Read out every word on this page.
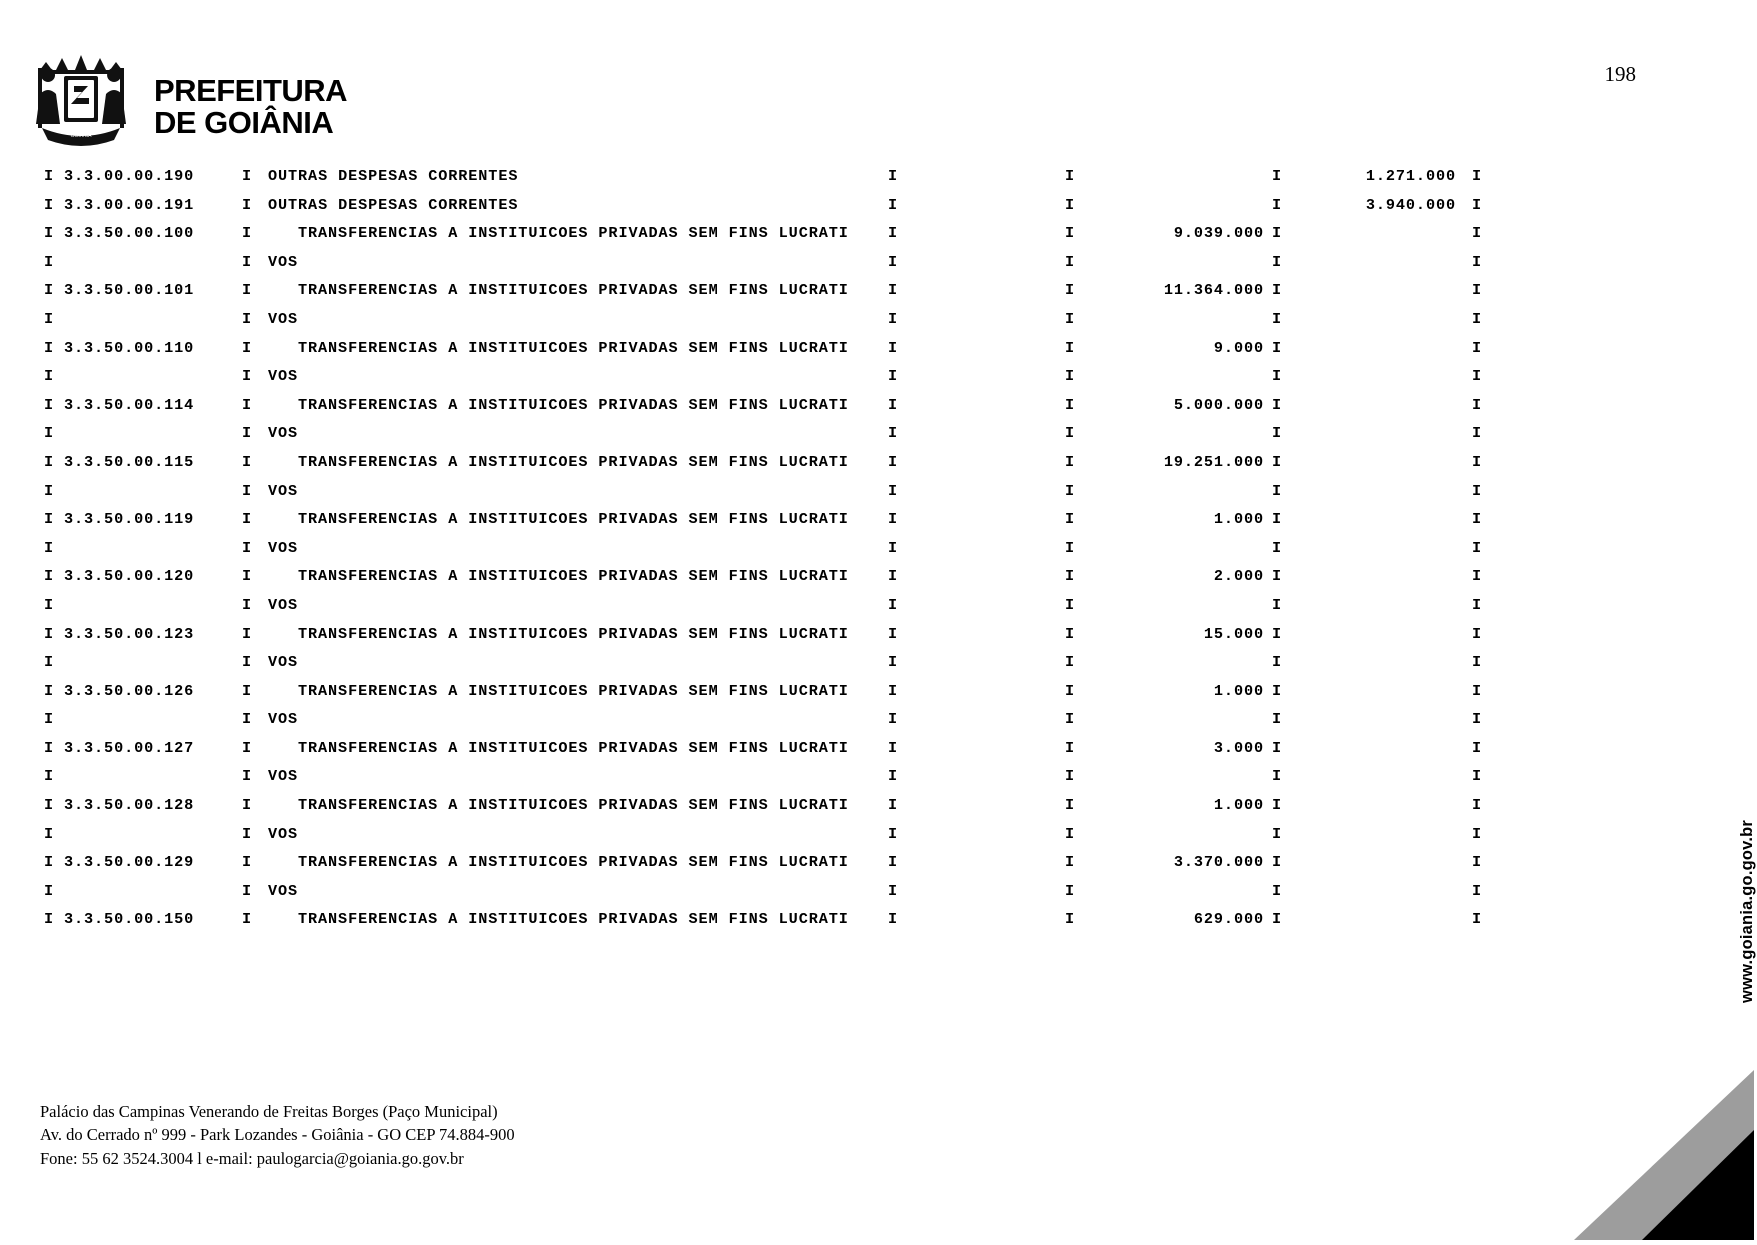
GOIANIA
PREFEITURA
DE GOIÂNIA
198
I 3.3.00.00.190	I OUTRAS DESPESAS CORRENTES	I	I	I	1.271.000 I
I 3.3.00.00.191	I OUTRAS DESPESAS CORRENTES	I	I	I	3.940.000 I
I 3.3.50.00.100	I	TRANSFERENCIAS A INSTITUICOES PRIVADAS SEM FINS LUCRATI	I	I	9.039.000 I	I
I	I VOS	I	I	I	I
I 3.3.50.00.101	I	TRANSFERENCIAS A INSTITUICOES PRIVADAS SEM FINS LUCRATI	I	I	11.364.000 I	I
I	I VOS	I	I	I	I
I 3.3.50.00.110	I	TRANSFERENCIAS A INSTITUICOES PRIVADAS SEM FINS LUCRATI	I	I	9.000 I	I
I	I VOS	I	I	I	I
I 3.3.50.00.114	I	TRANSFERENCIAS A INSTITUICOES PRIVADAS SEM FINS LUCRATI	I	I	5.000.000 I	I
I	I VOS	I	I	I	I
I 3.3.50.00.115	I	TRANSFERENCIAS A INSTITUICOES PRIVADAS SEM FINS LUCRATI	I	I	19.251.000 I	I
I	I VOS	I	I	I	I
I 3.3.50.00.119	I	TRANSFERENCIAS A INSTITUICOES PRIVADAS SEM FINS LUCRATI	I	I	1.000 I	I
I	I VOS	I	I	I	I
I 3.3.50.00.120	I	TRANSFERENCIAS A INSTITUICOES PRIVADAS SEM FINS LUCRATI	I	I	2.000 I	I
I	I VOS	I	I	I	I
I 3.3.50.00.123	I	TRANSFERENCIAS A INSTITUICOES PRIVADAS SEM FINS LUCRATI	I	I	15.000 I	I
I	I VOS	I	I	I	I
I 3.3.50.00.126	I	TRANSFERENCIAS A INSTITUICOES PRIVADAS SEM FINS LUCRATI	I	I	1.000 I	I
I	I VOS	I	I	I	I
I 3.3.50.00.127	I	TRANSFERENCIAS A INSTITUICOES PRIVADAS SEM FINS LUCRATI	I	I	3.000 I	I
I	I VOS	I	I	I	I
I 3.3.50.00.128	I	TRANSFERENCIAS A INSTITUICOES PRIVADAS SEM FINS LUCRATI	I	I	1.000 I	I
I	I VOS	I	I	I	I
I 3.3.50.00.129	I	TRANSFERENCIAS A INSTITUICOES PRIVADAS SEM FINS LUCRATI	I	I	3.370.000 I	I
I	I VOS	I	I	I	I
I 3.3.50.00.150	I	TRANSFERENCIAS A INSTITUICOES PRIVADAS SEM FINS LUCRATI	I	I	629.000 I	I
Palácio das Campinas Venerando de Freitas Borges (Paço Municipal)
Av. do Cerrado nº 999 - Park Lozandes - Goiânia - GO CEP 74.884-900
Fone: 55 62 3524.3004 l e-mail: paulogarcia@goiania.go.gov.br
www.goiania.go.gov.br
